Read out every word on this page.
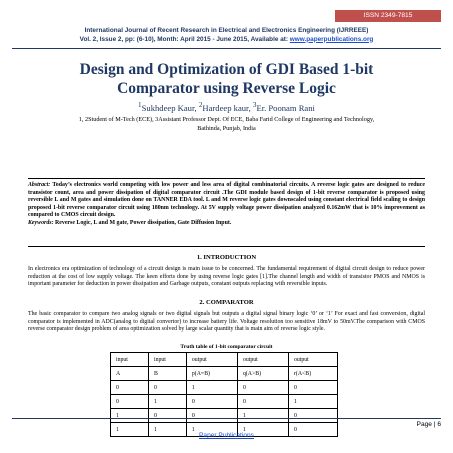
ISSN 2349-7815
International Journal of Recent Research in Electrical and Electronics Engineering (IJRREEE)
Vol. 2, Issue 2, pp: (6-10), Month: April 2015 - June 2015, Available at: www.paperpublications.org
Design and Optimization of GDI Based 1-bit
Comparator using Reverse Logic
$^1$Sukhdeep Kaur, $^2$Hardeep kaur, $^3$Er. Poonam Rani
1, 2Student of M-Tech (ECE), 3Assistant Professor Dept. Of ECE, Baba Farid College of Engineering and Technology,
Bathinda, Punjab, India

Abstract: Today’s electronics world competing with low power and less area of digital combinatorial circuits. A reverse logic gates are designed to reduce transistor count, area and power dissipation of digital comparator circuit .The GDI module based design of 1-bit reverse comparator is proposed using reversible L and M gates and simulation done on TANNER EDA tool. L and M reverse logic gates downscaled using constant electrical field scaling to design proposed 1-bit reverse comparator circuit using 180nm technology. At 5V supply voltage power dissipation analyzed 0.162mW that is 10% improvement as compared to CMOS circuit design.

Keywords: Reverse Logic, L and M gate, Power dissipation, Gate Diffusion Input.

1. INTRODUCTION
In electronics era optimization of technology of a circuit design is main issue to be concerned. The fundamental requirement of digital circuit design to reduce power reduction at the cost of low supply voltage. The keen efforts done by using reverse logic gates [1].The channel length and width of transistor PMOS and NMOS is important parameter for deduction in power dissipation and Garbage outputs, constant outputs replacing with reversible inputs.
2. COMPARATOR
The basic comparator to compare two analog signals or two digital signals but outputs a digital signal binary logic ‘0’ or ‘1’ For exact and fast conversion, digital comparator is implemented in ADC(analog to digital convertor) to increase battery life. Voltage resolution too sensitive 18mV to 50mV.The comparison with CMOS reverse comparator design problem of area optimization solved by large scalar quantity that is main aim of reverse logic style.
Truth table of 1-bit comparator circuit
input	input	output	output	output
A	B	p(A=B)	q(A>B)	r(A<B)
0	0	1	0	0
0	1	0	0	1
1	0	0	1	0
1	1	1	1	0
Page | 6
Paper Publications
